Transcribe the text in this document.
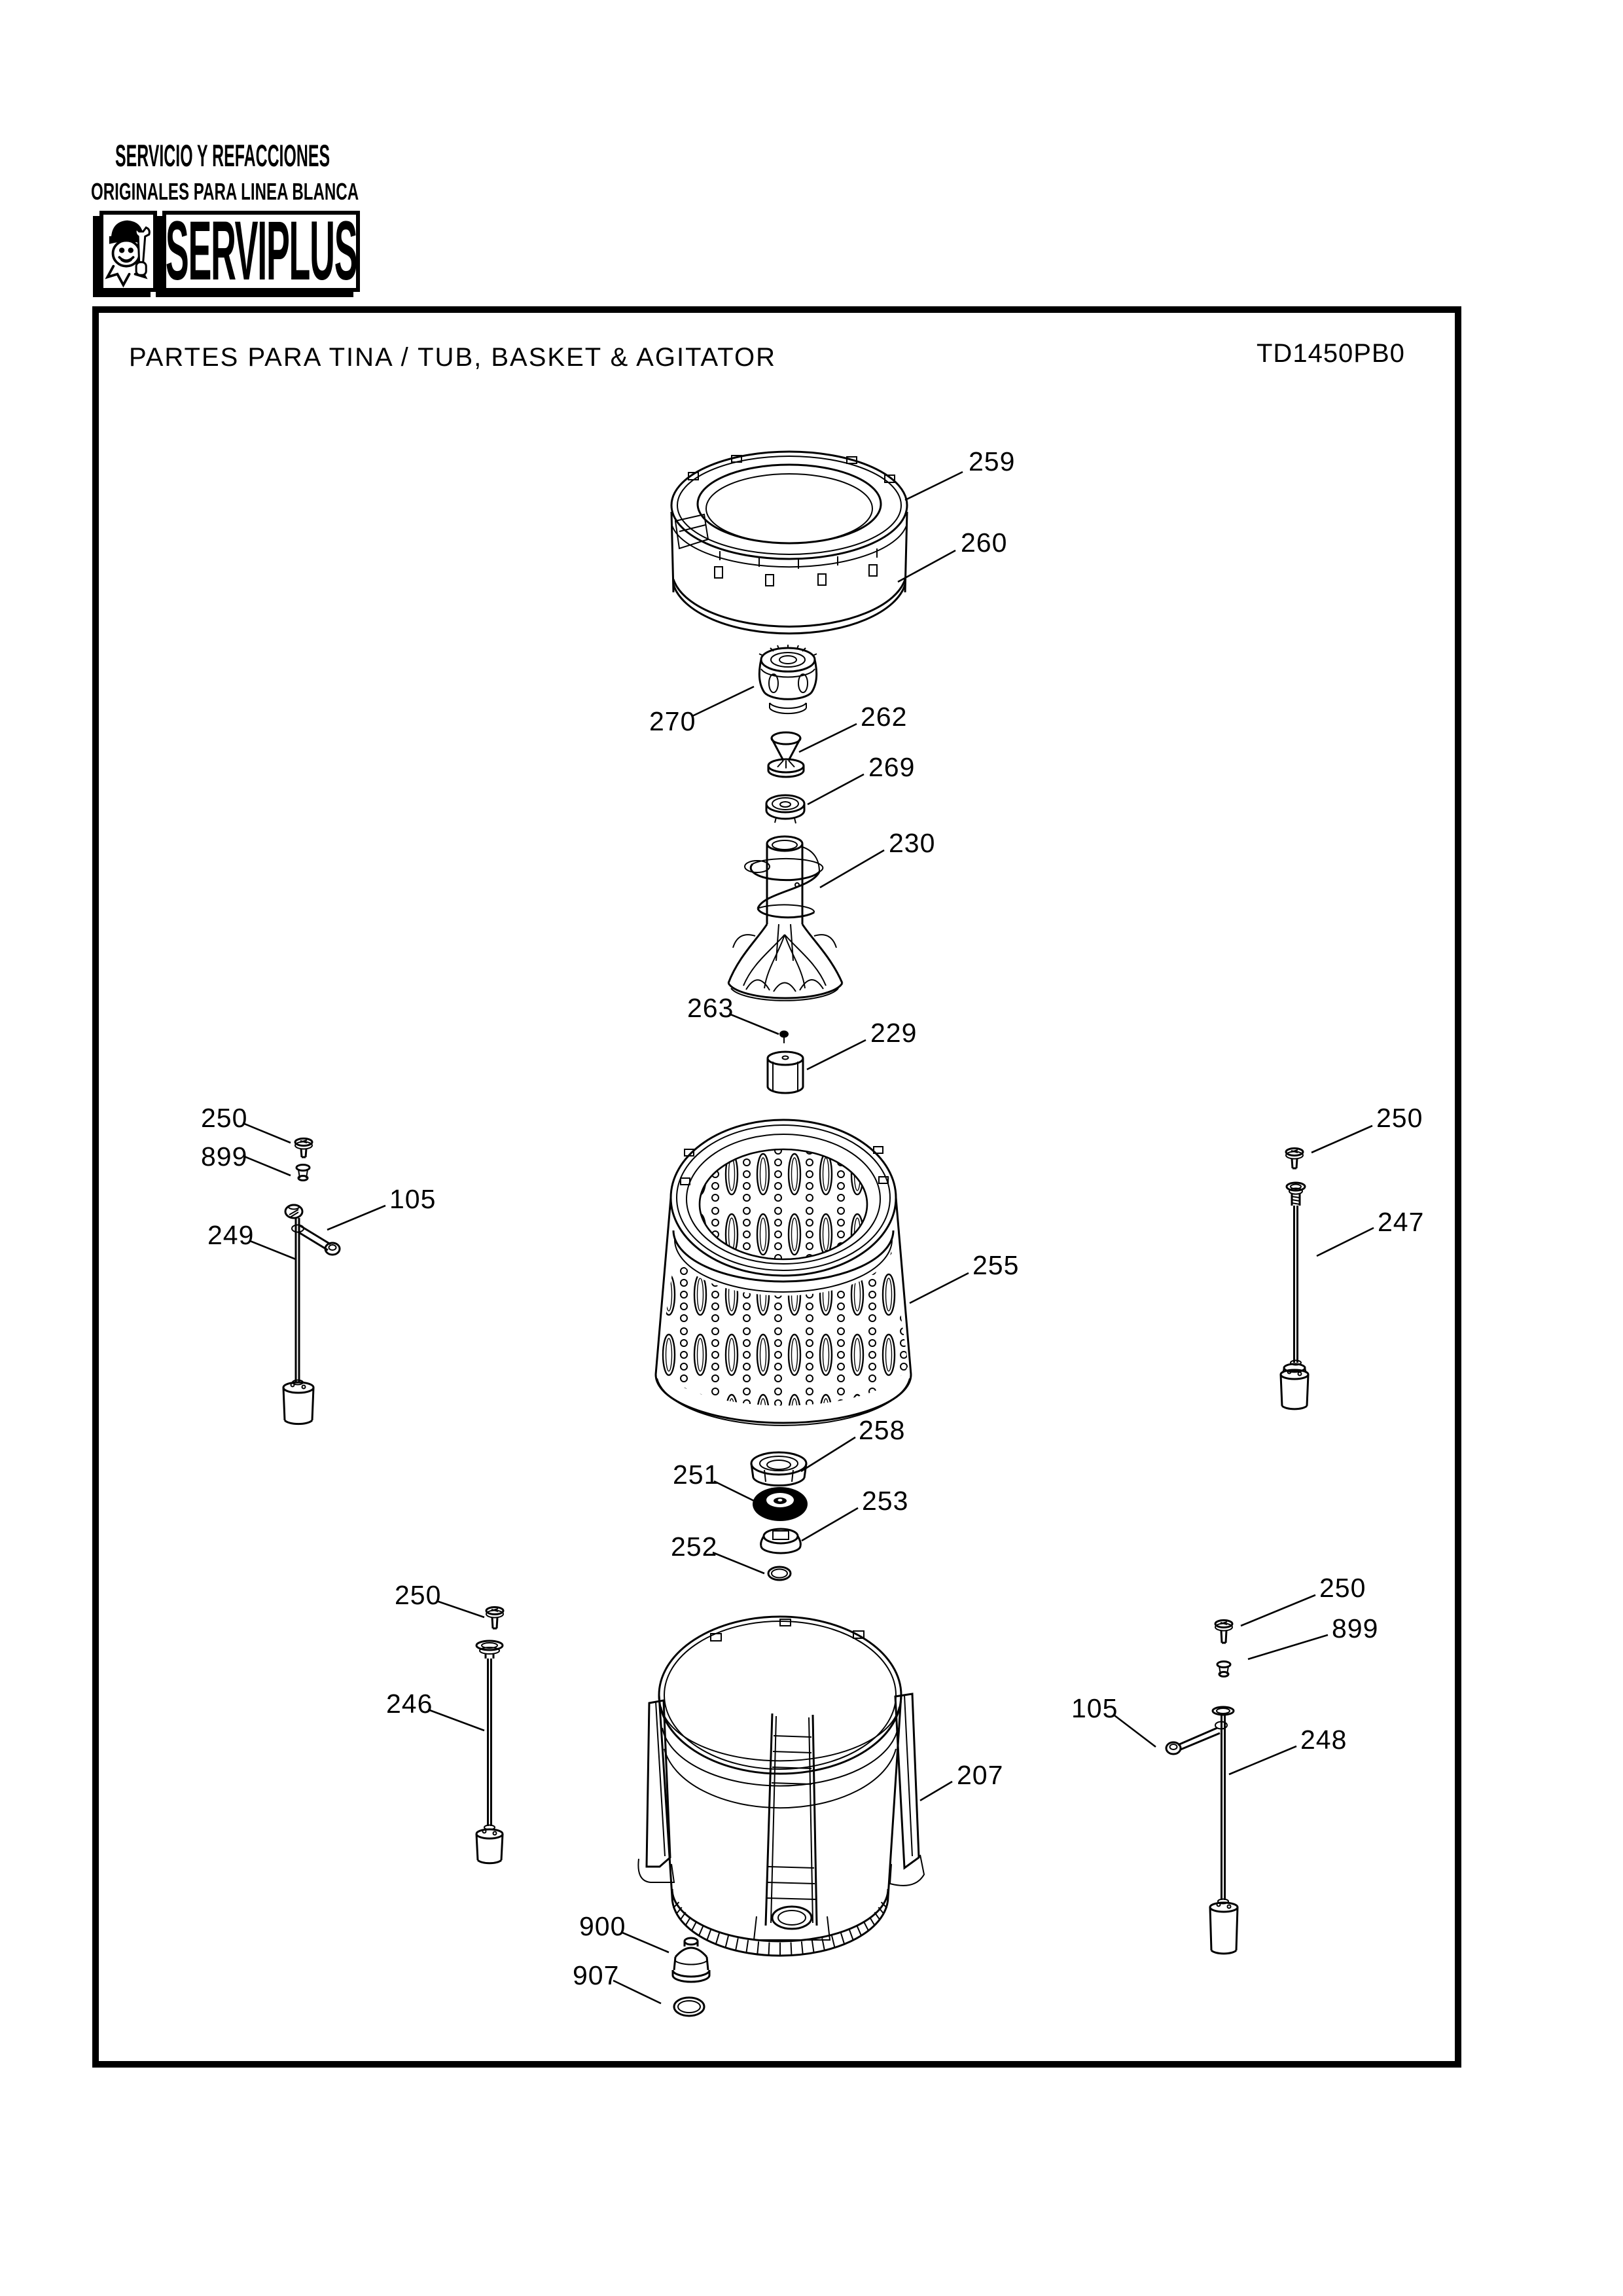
SERVICIO Y REFACCIONES
ORIGINALES PARA LINEA BLANCA
SERVIPLUS
PARTES PARA TINA / TUB, BASKET & AGITATOR	TD1450PB0
259
260
270	262
269
230
263
229
250
899
105
249
255
250
247
258
251
253
252
250
246
250
899
105
248
207
900
907
